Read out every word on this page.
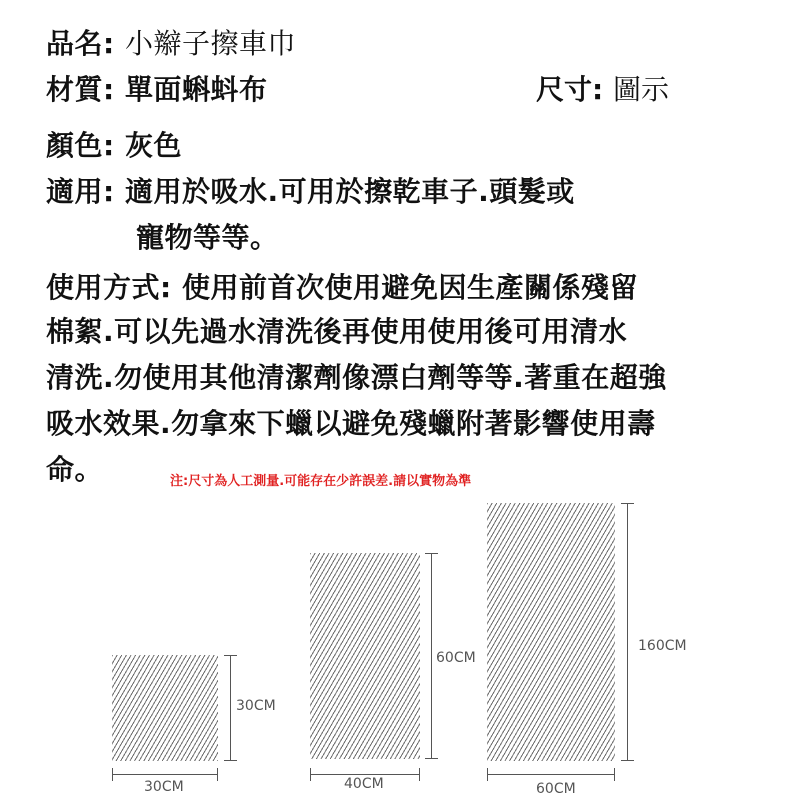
品名: 小辮子擦車巾
材質: 單面蝌蚪布	尺寸: 圖示
顏色: 灰色
適用: 適用於吸水.可用於擦乾車子.頭髮或
寵物等等。
使用方式: 使用前首次使用避免因生產關係殘留
棉絮.可以先過水清洗後再使用使用後可用清水
清洗.勿使用其他清潔劑像漂白劑等等.著重在超強
吸水效果.勿拿來下蠟以避免殘蠟附著影響使用壽
命。	注:尺寸為人工測量.可能存在少許誤差.請以實物為準
30CM
30CM
60CM
40CM
160CM
60CM
